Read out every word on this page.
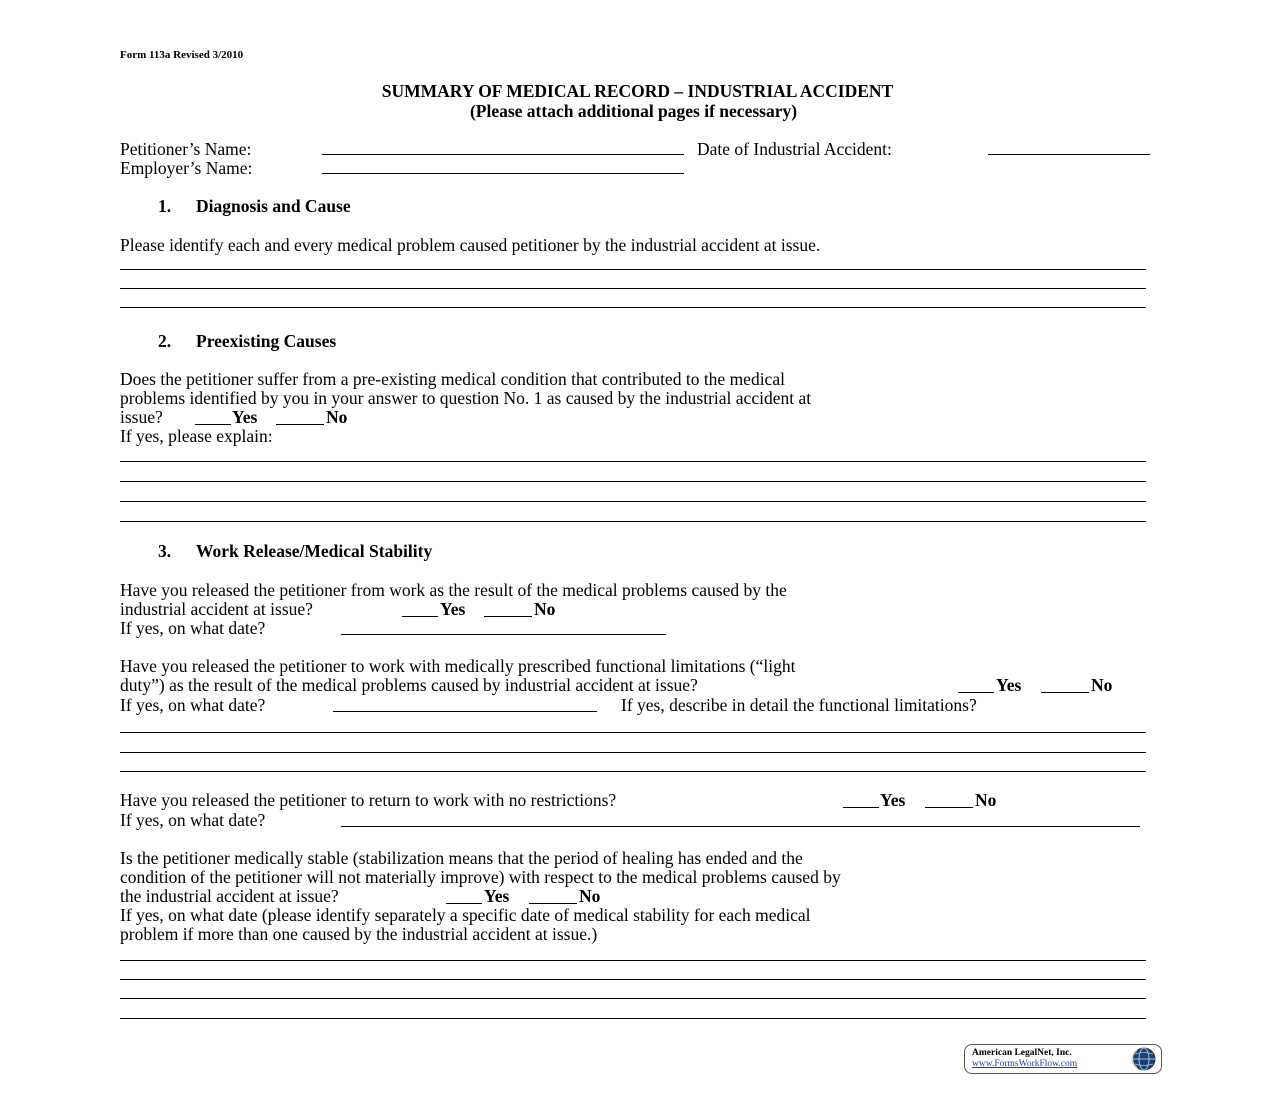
Form 113a Revised 3/2010
SUMMARY OF MEDICAL RECORD – INDUSTRIAL ACCIDENT
(Please attach additional pages if necessary)
Petitioner’s Name:	Date of Industrial Accident:
Employer’s Name:
1. Diagnosis and Cause
Please identify each and every medical problem caused petitioner by the industrial accident at issue.
2. Preexisting Causes
Does the petitioner suffer from a pre-existing medical condition that contributed to the medical
problems identified by you in your answer to question No. 1 as caused by the industrial accident at
issue?	Yes	No
If yes, please explain:
3. Work Release/Medical Stability
Have you released the petitioner from work as the result of the medical problems caused by the
industrial accident at issue?	Yes	No
If yes, on what date?
Have you released the petitioner to work with medically prescribed functional limitations (“light
duty”) as the result of the medical problems caused by industrial accident at issue?	Yes	No
If yes, on what date?	If yes, describe in detail the functional limitations?
Have you released the petitioner to return to work with no restrictions?	Yes	No
If yes, on what date?
Is the petitioner medically stable (stabilization means that the period of healing has ended and the
condition of the petitioner will not materially improve) with respect to the medical problems caused by
the industrial accident at issue?	Yes	No
If yes, on what date (please identify separately a specific date of medical stability for each medical
problem if more than one caused by the industrial accident at issue.)
American LegalNet, Inc.
www.FormsWorkFlow.com
